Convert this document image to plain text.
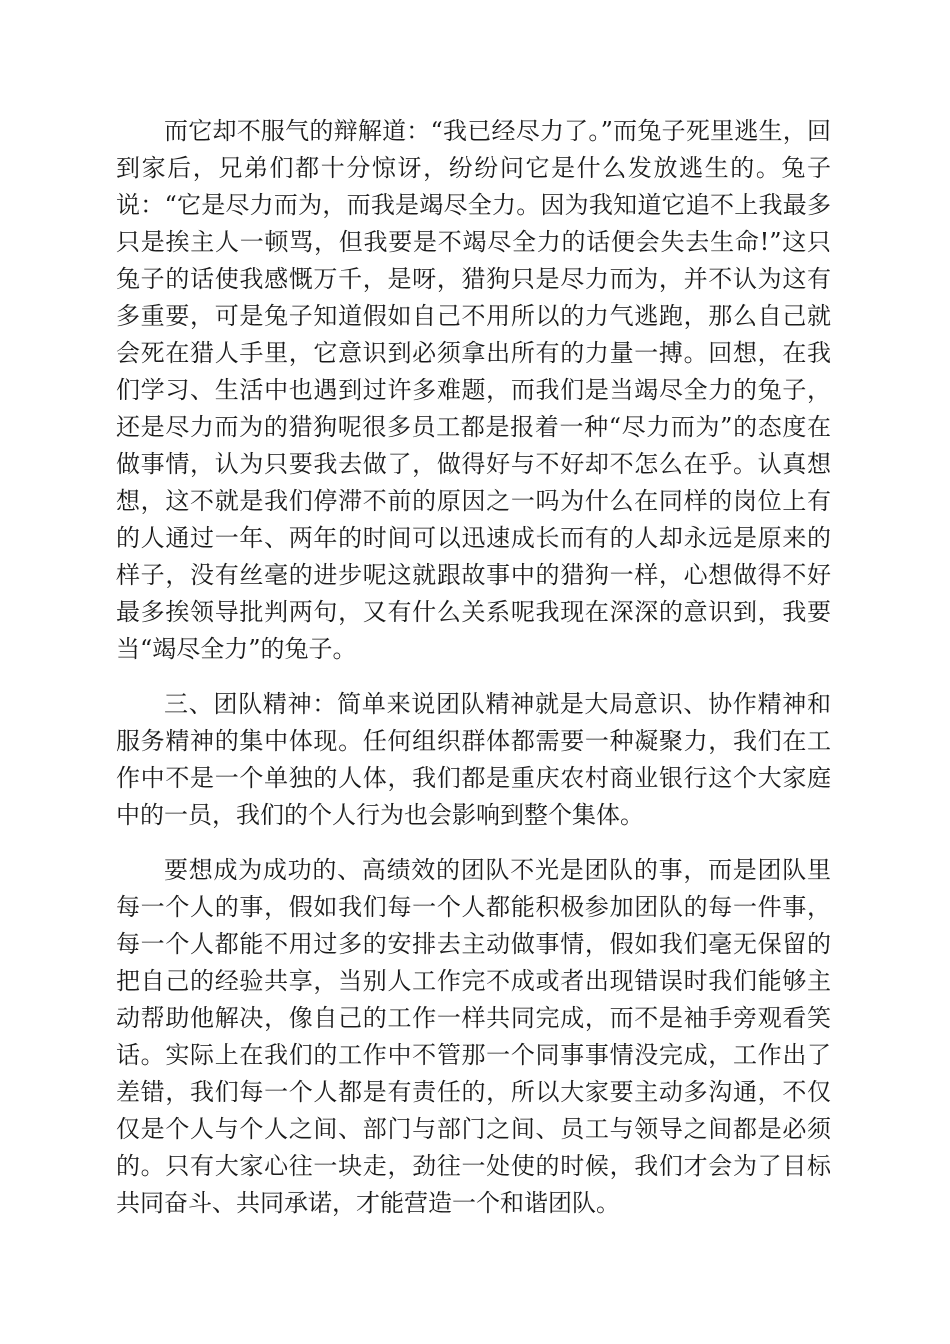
而它却不服气的辩解道：“我已经尽力了。”而兔子死里逃生，回到家后，兄弟们都十分惊讶，纷纷问它是什么发放逃生的。兔子说：“它是尽力而为，而我是竭尽全力。因为我知道它追不上我最多只是挨主人一顿骂，但我要是不竭尽全力的话便会失去生命!”这只兔子的话使我感慨万千，是呀，猎狗只是尽力而为，并不认为这有多重要，可是兔子知道假如自己不用所以的力气逃跑，那么自己就会死在猎人手里，它意识到必须拿出所有的力量一搏。回想，在我们学习、生活中也遇到过许多难题，而我们是当竭尽全力的兔子，还是尽力而为的猎狗呢很多员工都是报着一种“尽力而为”的态度在做事情，认为只要我去做了，做得好与不好却不怎么在乎。认真想想，这不就是我们停滞不前的原因之一吗为什么在同样的岗位上有的人通过一年、两年的时间可以迅速成长而有的人却永远是原来的样子，没有丝毫的进步呢这就跟故事中的猎狗一样，心想做得不好最多挨领导批判两句，又有什么关系呢我现在深深的意识到，我要当“竭尽全力”的兔子。

三、团队精神：简单来说团队精神就是大局意识、协作精神和服务精神的集中体现。任何组织群体都需要一种凝聚力，我们在工作中不是一个单独的人体，我们都是重庆农村商业银行这个大家庭中的一员，我们的个人行为也会影响到整个集体。

要想成为成功的、高绩效的团队不光是团队的事，而是团队里每一个人的事，假如我们每一个人都能积极参加团队的每一件事，每一个人都能不用过多的安排去主动做事情，假如我们毫无保留的把自己的经验共享，当别人工作完不成或者出现错误时我们能够主动帮助他解决，像自己的工作一样共同完成，而不是袖手旁观看笑话。实际上在我们的工作中不管那一个同事事情没完成，工作出了差错，我们每一个人都是有责任的，所以大家要主动多沟通，不仅仅是个人与个人之间、部门与部门之间、员工与领导之间都是必须的。只有大家心往一块走，劲往一处使的时候，我们才会为了目标共同奋斗、共同承诺，才能营造一个和谐团队。
